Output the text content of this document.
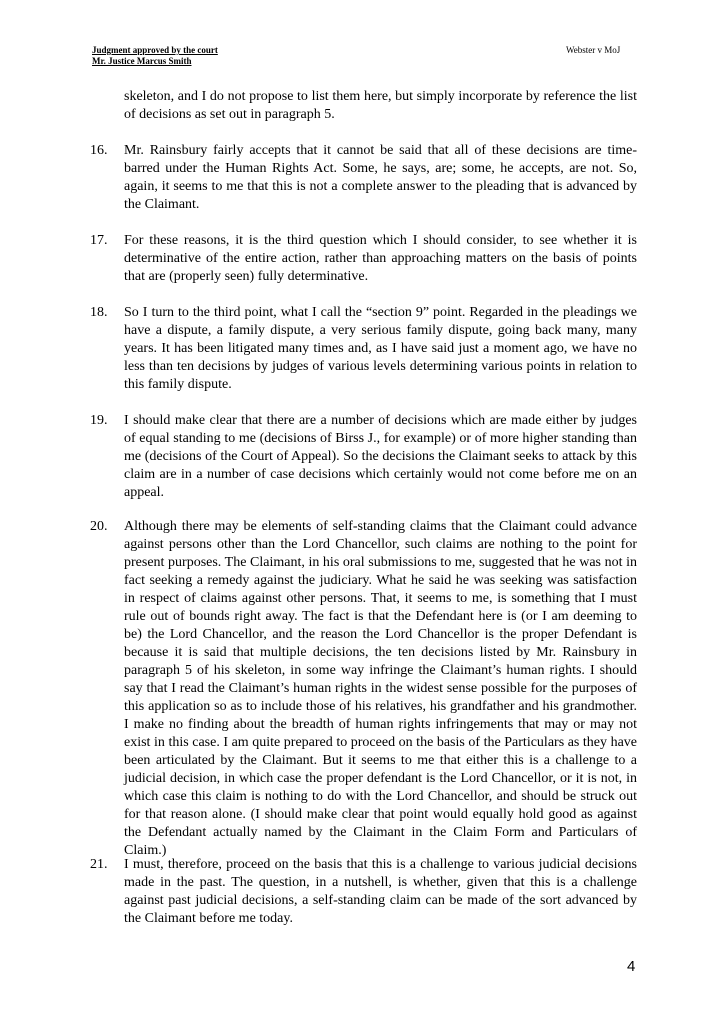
Judgment approved by the court
Mr. Justice Marcus Smith
Webster v MoJ
skeleton, and I do not propose to list them here, but simply incorporate by reference the list of decisions as set out in paragraph 5.
16.	Mr. Rainsbury fairly accepts that it cannot be said that all of these decisions are time-barred under the Human Rights Act. Some, he says, are; some, he accepts, are not. So, again, it seems to me that this is not a complete answer to the pleading that is advanced by the Claimant.
17.	For these reasons, it is the third question which I should consider, to see whether it is determinative of the entire action, rather than approaching matters on the basis of points that are (properly seen) fully determinative.
18.	So I turn to the third point, what I call the “section 9” point. Regarded in the pleadings we have a dispute, a family dispute, a very serious family dispute, going back many, many years. It has been litigated many times and, as I have said just a moment ago, we have no less than ten decisions by judges of various levels determining various points in relation to this family dispute.
19.	I should make clear that there are a number of decisions which are made either by judges of equal standing to me (decisions of Birss J., for example) or of more higher standing than me (decisions of the Court of Appeal). So the decisions the Claimant seeks to attack by this claim are in a number of case decisions which certainly would not come before me on an appeal.
20.	Although there may be elements of self-standing claims that the Claimant could advance against persons other than the Lord Chancellor, such claims are nothing to the point for present purposes. The Claimant, in his oral submissions to me, suggested that he was not in fact seeking a remedy against the judiciary. What he said he was seeking was satisfaction in respect of claims against other persons. That, it seems to me, is something that I must rule out of bounds right away. The fact is that the Defendant here is (or I am deeming to be) the Lord Chancellor, and the reason the Lord Chancellor is the proper Defendant is because it is said that multiple decisions, the ten decisions listed by Mr. Rainsbury in paragraph 5 of his skeleton, in some way infringe the Claimant’s human rights. I should say that I read the Claimant’s human rights in the widest sense possible for the purposes of this application so as to include those of his relatives, his grandfather and his grandmother. I make no finding about the breadth of human rights infringements that may or may not exist in this case. I am quite prepared to proceed on the basis of the Particulars as they have been articulated by the Claimant. But it seems to me that either this is a challenge to a judicial decision, in which case the proper defendant is the Lord Chancellor, or it is not, in which case this claim is nothing to do with the Lord Chancellor, and should be struck out for that reason alone. (I should make clear that point would equally hold good as against the Defendant actually named by the Claimant in the Claim Form and Particulars of Claim.)
21.	I must, therefore, proceed on the basis that this is a challenge to various judicial decisions made in the past. The question, in a nutshell, is whether, given that this is a challenge against past judicial decisions, a self-standing claim can be made of the sort advanced by the Claimant before me today.
4
